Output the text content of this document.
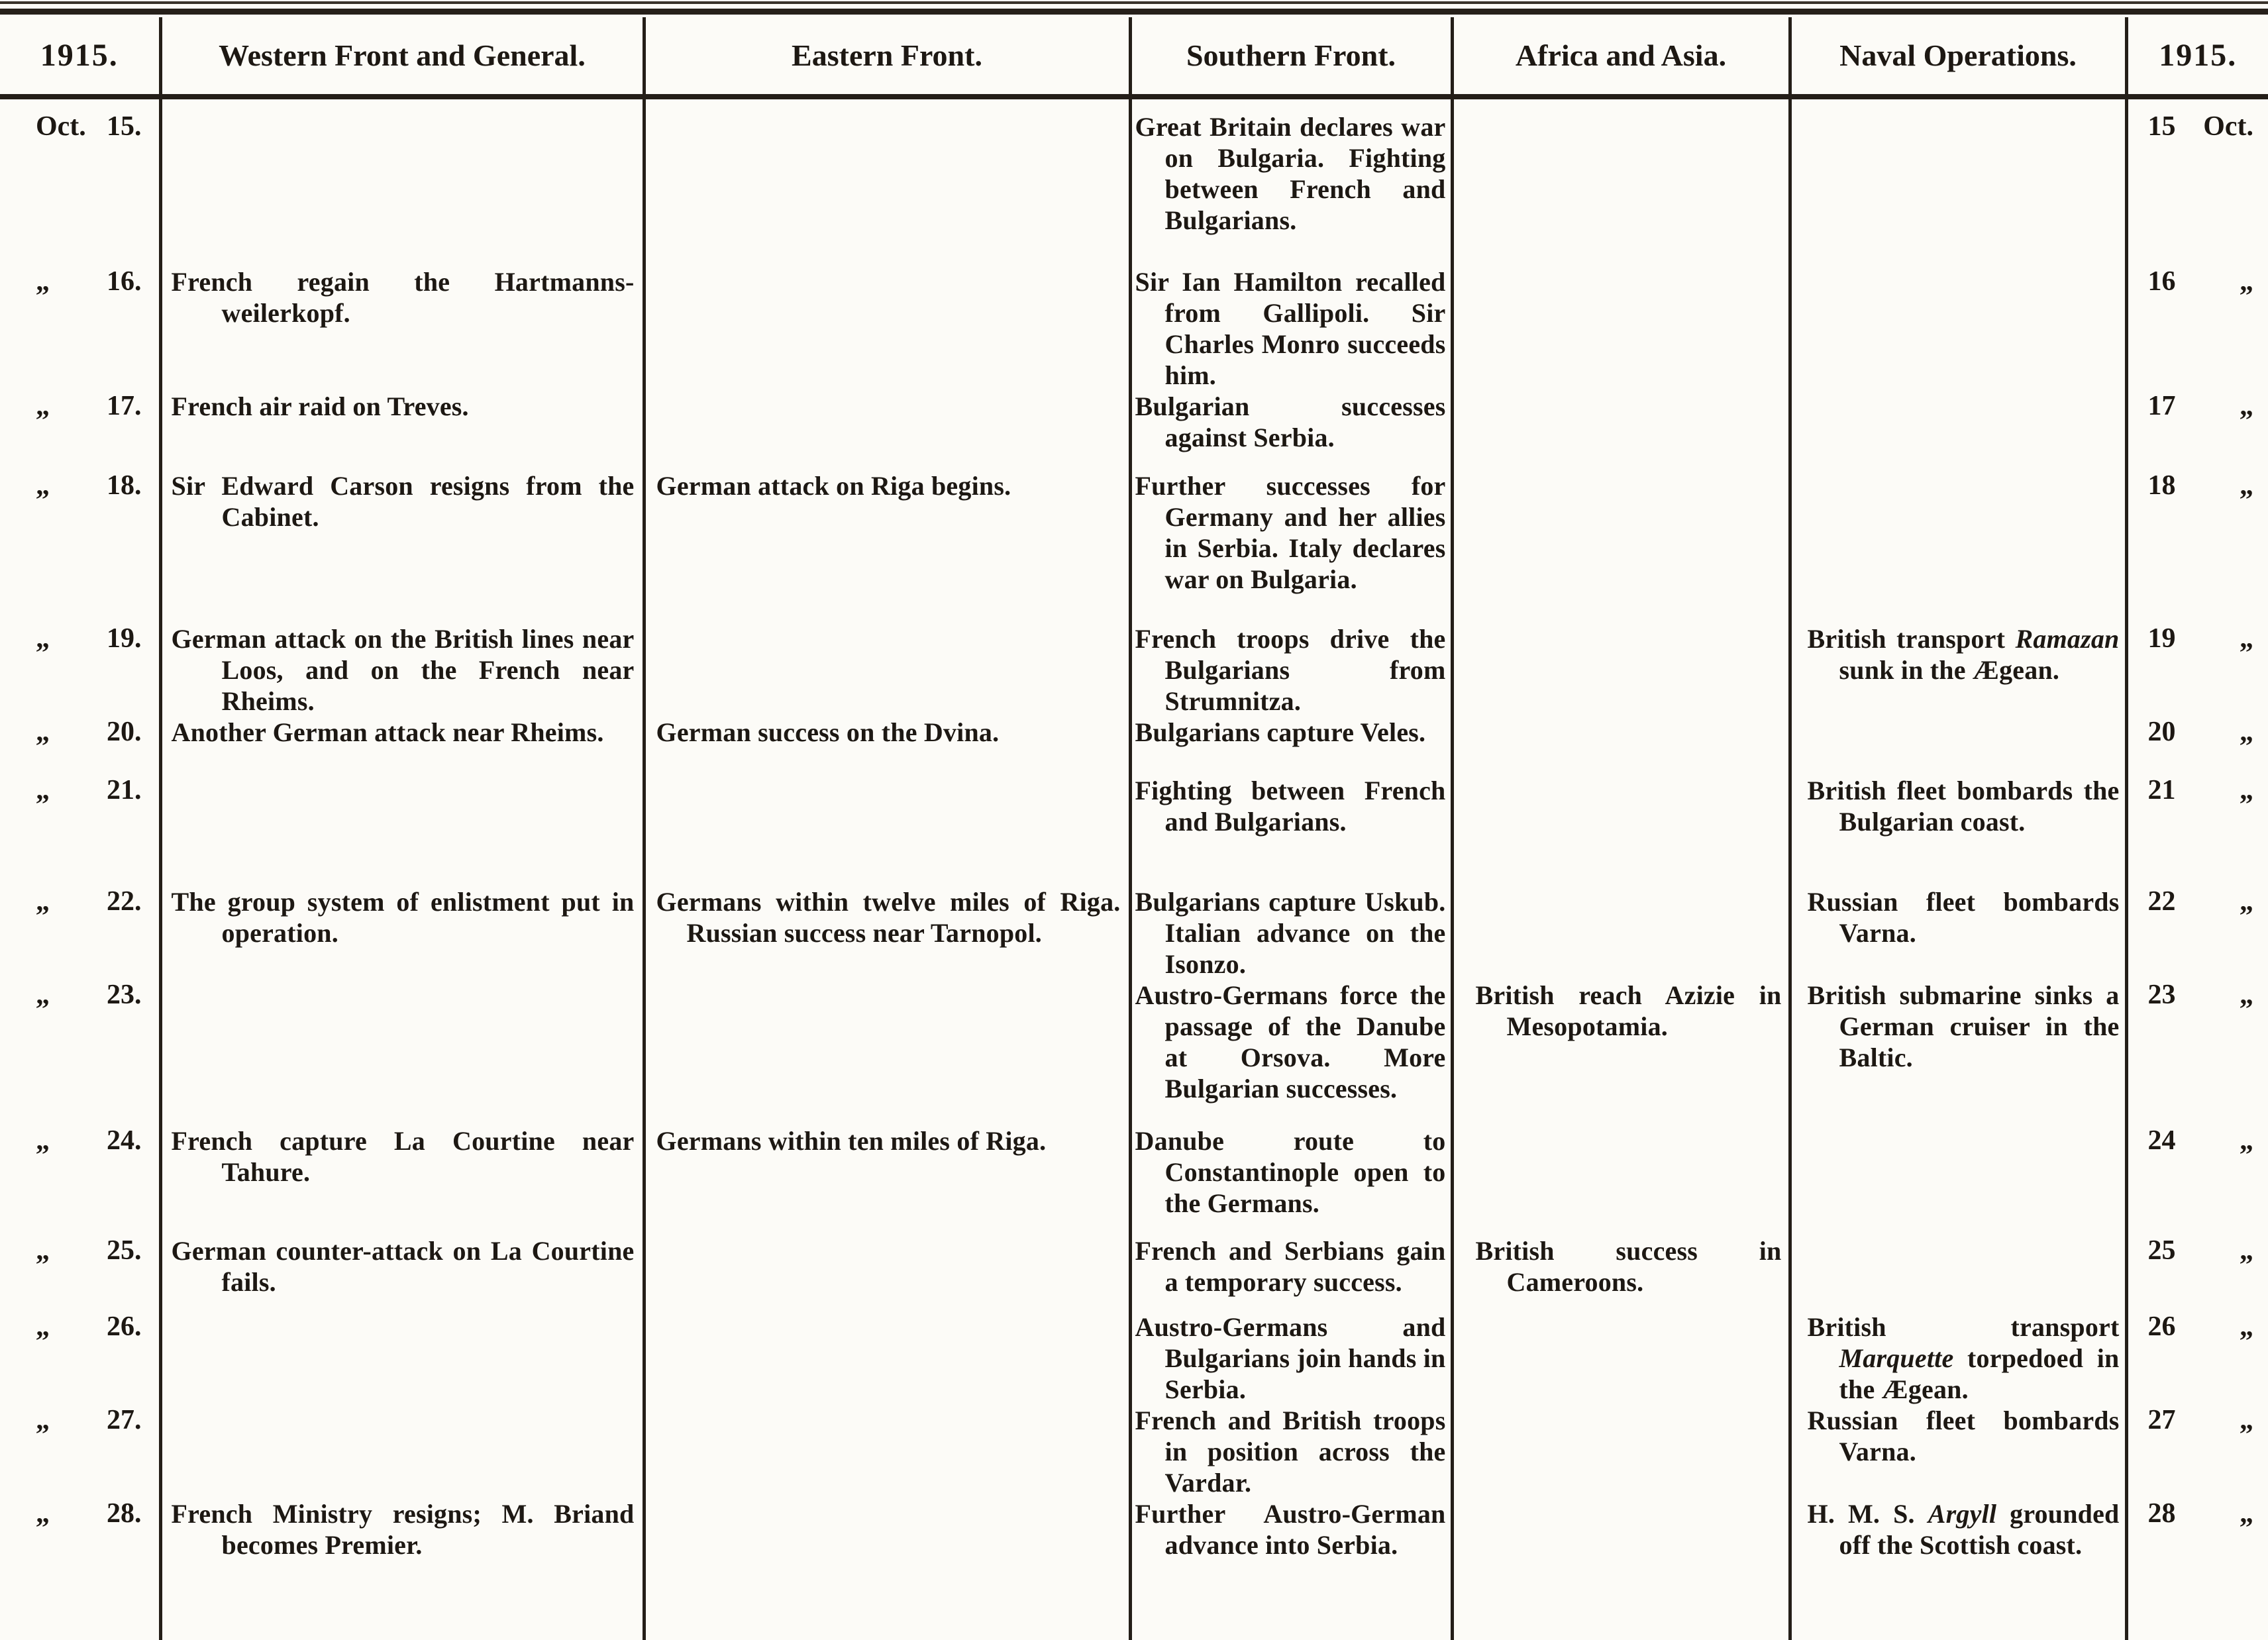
1915.	Western Front and General.	Eastern Front.	Southern Front.	Africa and Asia.	Naval Operations.	1915.

Oct. 15.			Great Britain declares war on Bulgaria. Fighting between French and Bulgarians.			15 Oct.

„ 16.	French regain the Hartmanns-weilerkopf.		Sir Ian Hamilton recalled from Gallipoli. Sir Charles Monro succeeds him.			16 „

„ 17.	French air raid on Treves.		Bulgarian successes against Serbia.			17 „

„ 18.	Sir Edward Carson resigns from the Cabinet.	German attack on Riga begins.	Further successes for Germany and her allies in Serbia. Italy declares war on Bulgaria.			18 „

„ 19.	German attack on the British lines near Loos, and on the French near Rheims.		French troops drive the Bulgarians from Strumnitza.		British transport Ramazan sunk in the Ægean.	19 „

„ 20.	Another German attack near Rheims.	German success on the Dvina.	Bulgarians capture Veles.			20 „

„ 21.			Fighting between French and Bulgarians.		British fleet bombards the Bulgarian coast.	21 „

„ 22.	The group system of enlistment put in operation.	Germans within twelve miles of Riga. Russian success near Tarnopol.	Bulgarians capture Uskub. Italian advance on the Isonzo.		Russian fleet bombards Varna.	22 „

„ 23.			Austro-Germans force the passage of the Danube at Orsova. More Bulgarian successes.	British reach Azizie in Mesopotamia.	British submarine sinks a German cruiser in the Baltic.	23 „

„ 24.	French capture La Courtine near Tahure.	Germans within ten miles of Riga.	Danube route to Constantinople open to the Germans.			24 „

„ 25.	German counter-attack on La Courtine fails.		French and Serbians gain a temporary success.	British success in Cameroons.		25 „

„ 26.			Austro-Germans and Bulgarians join hands in Serbia.		British transport Marquette torpedoed in the Ægean.	26 „

„ 27.			French and British troops in position across the Vardar.		Russian fleet bombards Varna.	27 „

„ 28.	French Ministry resigns; M. Briand becomes Premier.		Further Austro-German advance into Serbia.		H. M. S. Argyll grounded off the Scottish coast.	28 „
